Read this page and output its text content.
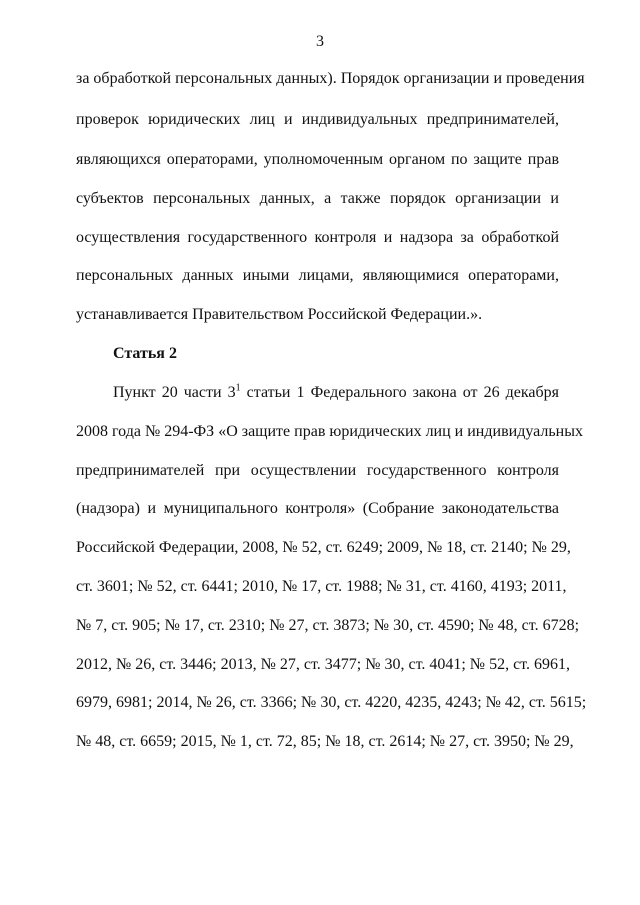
3
за обработкой персональных данных). Порядок организации и проведения
проверок юридических лиц и индивидуальных предпринимателей,
являющихся операторами, уполномоченным органом по защите прав
субъектов персональных данных, а также порядок организации и
осуществления государственного контроля и надзора за обработкой
персональных данных иными лицами, являющимися операторами,
устанавливается Правительством Российской Федерации.».
Статья 2
Пункт 20 части $3^1$ статьи 1 Федерального закона от 26 декабря
2008 года № 294-ФЗ «О защите прав юридических лиц и индивидуальных
предпринимателей при осуществлении государственного контроля
(надзора) и муниципального контроля» (Собрание законодательства
Российской Федерации, 2008, № 52, ст. 6249; 2009, № 18, ст. 2140; № 29,
ст. 3601; № 52, ст. 6441; 2010, № 17, ст. 1988; № 31, ст. 4160, 4193; 2011,
№ 7, ст. 905; № 17, ст. 2310; № 27, ст. 3873; № 30, ст. 4590; № 48, ст. 6728;
2012, № 26, ст. 3446; 2013, № 27, ст. 3477; № 30, ст. 4041; № 52, ст. 6961,
6979, 6981; 2014, № 26, ст. 3366; № 30, ст. 4220, 4235, 4243; № 42, ст. 5615;
№ 48, ст. 6659; 2015, № 1, ст. 72, 85; № 18, ст. 2614; № 27, ст. 3950; № 29,
